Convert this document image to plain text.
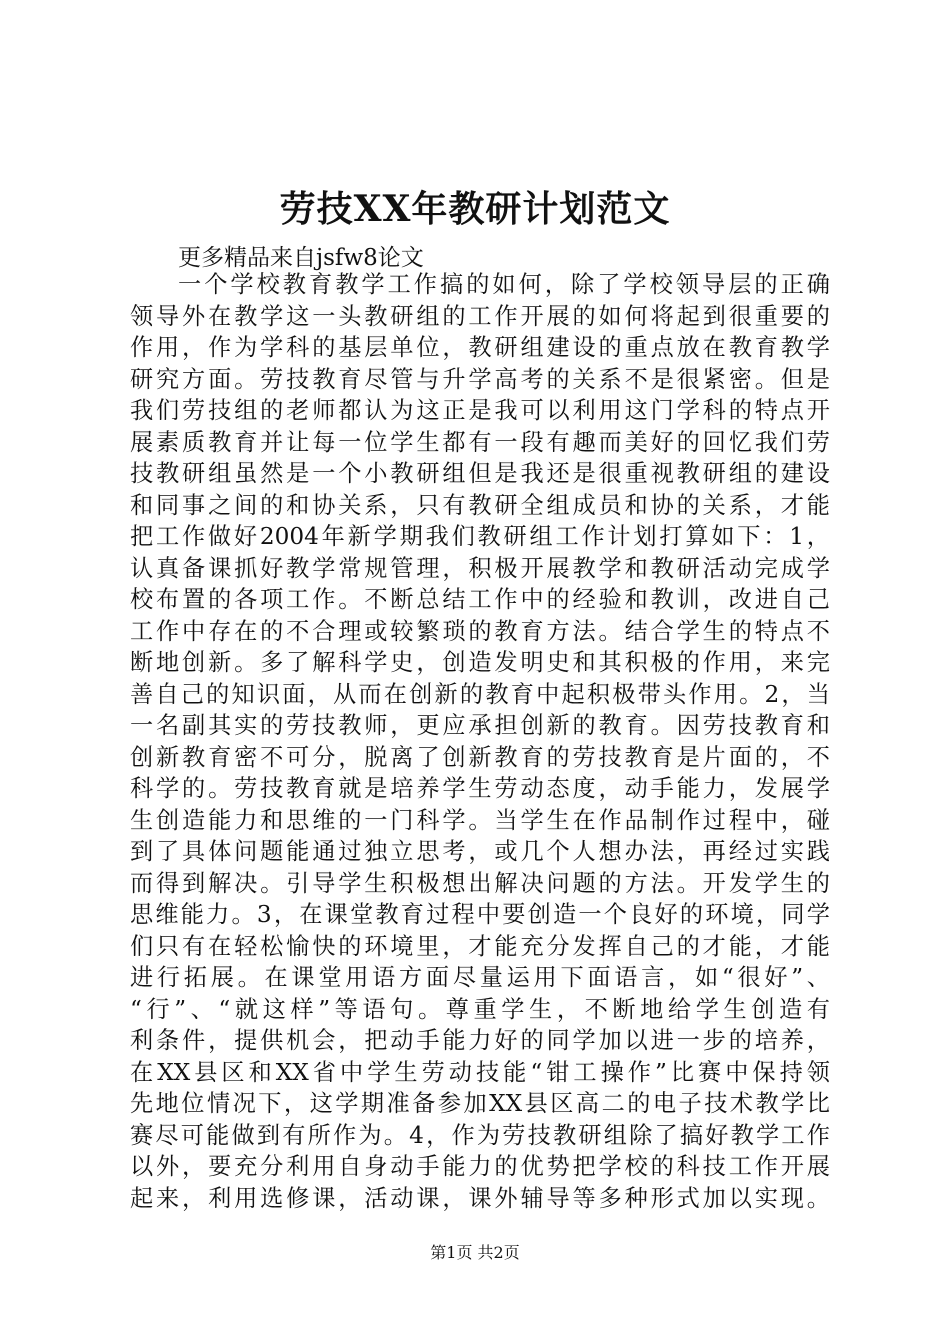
劳技XX年教研计划范文
更多精品来自jsfw8论文
一个学校教育教学工作搞的如何，除了学校领导层的正确
领导外在教学这一头教研组的工作开展的如何将起到很重要的
作用，作为学科的基层单位，教研组建设的重点放在教育教学
研究方面。劳技教育尽管与升学高考的关系不是很紧密。但是
我们劳技组的老师都认为这正是我可以利用这门学科的特点开
展素质教育并让每一位学生都有一段有趣而美好的回忆我们劳
技教研组虽然是一个小教研组但是我还是很重视教研组的建设
和同事之间的和协关系，只有教研全组成员和协的关系，才能
把工作做好2004年新学期我们教研组工作计划打算如下：1，
认真备课抓好教学常规管理，积极开展教学和教研活动完成学
校布置的各项工作。不断总结工作中的经验和教训，改进自己
工作中存在的不合理或较繁琐的教育方法。结合学生的特点不
断地创新。多了解科学史，创造发明史和其积极的作用，来完
善自己的知识面，从而在创新的教育中起积极带头作用。2，当
一名副其实的劳技教师，更应承担创新的教育。因劳技教育和
创新教育密不可分，脱离了创新教育的劳技教育是片面的，不
科学的。劳技教育就是培养学生劳动态度，动手能力，发展学
生创造能力和思维的一门科学。当学生在作品制作过程中，碰
到了具体问题能通过独立思考，或几个人想办法，再经过实践
而得到解决。引导学生积极想出解决问题的方法。开发学生的
思维能力。3，在课堂教育过程中要创造一个良好的环境，同学
们只有在轻松愉快的环境里，才能充分发挥自己的才能，才能
进行拓展。在课堂用语方面尽量运用下面语言，如“很好”、
“行”、“就这样”等语句。尊重学生，不断地给学生创造有
利条件，提供机会，把动手能力好的同学加以进一步的培养，
在XX县区和XX省中学生劳动技能“钳工操作”比赛中保持领
先地位情况下，这学期准备参加XX县区高二的电子技术教学比
赛尽可能做到有所作为。4，作为劳技教研组除了搞好教学工作
以外，要充分利用自身动手能力的优势把学校的科技工作开展
起来，利用选修课，活动课，课外辅导等多种形式加以实现。
第1页 共2页
